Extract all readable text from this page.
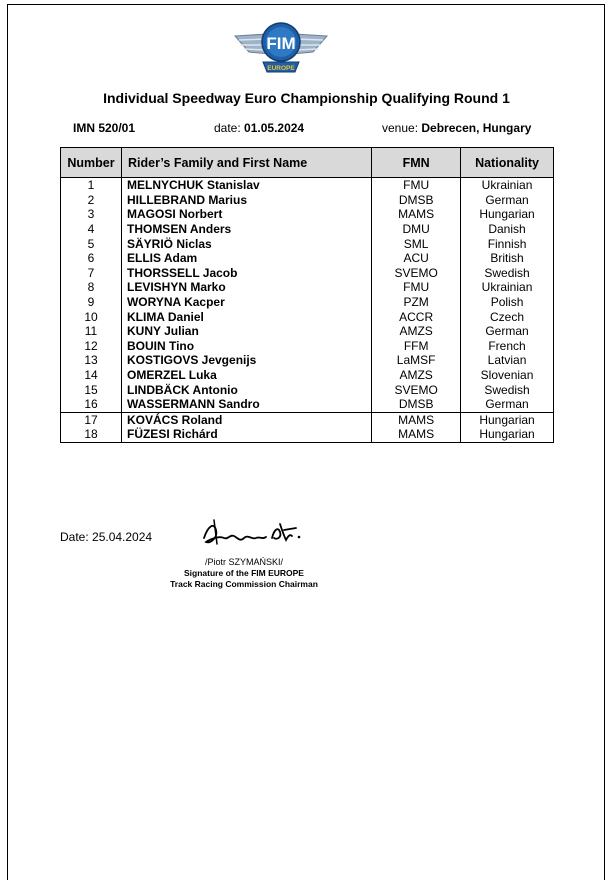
FIM
EUROPE
Individual Speedway Euro Championship Qualifying Round 1
IMN 520/01	date: 01.05.2024	venue: Debrecen, Hungary
Number	Rider’s Family and First Name	FMN	Nationality
1	MELNYCHUK Stanislav	FMU	Ukrainian
2	HILLEBRAND Marius	DMSB	German
3	MAGOSI Norbert	MAMS	Hungarian
4	THOMSEN Anders	DMU	Danish
5	SÄYRIÖ Niclas	SML	Finnish
6	ELLIS Adam	ACU	British
7	THORSSELL Jacob	SVEMO	Swedish
8	LEVISHYN Marko	FMU	Ukrainian
9	WORYNA Kacper	PZM	Polish
10	KLIMA Daniel	ACCR	Czech
11	KUNY Julian	AMZS	German
12	BOUIN Tino	FFM	French
13	KOSTIGOVS Jevgenijs	LaMSF	Latvian
14	OMERZEL Luka	AMZS	Slovenian
15	LINDBÄCK Antonio	SVEMO	Swedish
16	WASSERMANN Sandro	DMSB	German
17	KOVÁCS Roland	MAMS	Hungarian
18	FÜZESI Richárd	MAMS	Hungarian
Date: 25.04.2024
/Piotr SZYMAŃSKI/
Signature of the FIM EUROPE
Track Racing Commission Chairman
